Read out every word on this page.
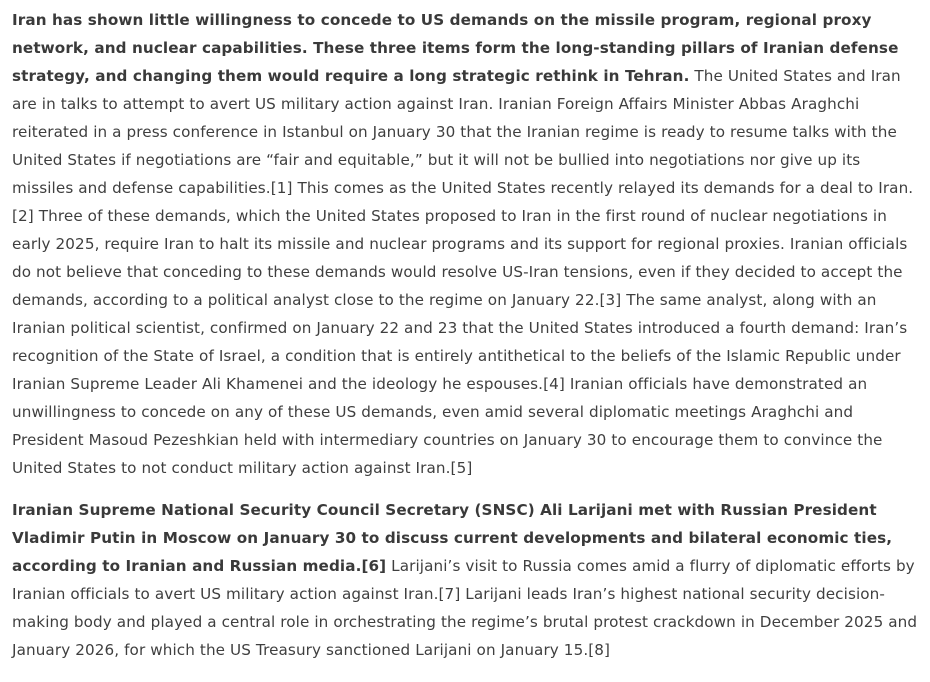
Iran has shown little willingness to concede to US demands on the missile program, regional proxy network, and nuclear capabilities. These three items form the long-standing pillars of Iranian defense strategy, and changing them would require a long strategic rethink in Tehran. The United States and Iran are in talks to attempt to avert US military action against Iran. Iranian Foreign Affairs Minister Abbas Araghchi reiterated in a press conference in Istanbul on January 30 that the Iranian regime is ready to resume talks with the United States if negotiations are “fair and equitable,” but it will not be bullied into negotiations nor give up its missiles and defense capabilities.[1] This comes as the United States recently relayed its demands for a deal to Iran.[2] Three of these demands, which the United States proposed to Iran in the first round of nuclear negotiations in early 2025, require Iran to halt its missile and nuclear programs and its support for regional proxies. Iranian officials do not believe that conceding to these demands would resolve US-Iran tensions, even if they decided to accept the demands, according to a political analyst close to the regime on January 22.[3] The same analyst, along with an Iranian political scientist, confirmed on January 22 and 23 that the United States introduced a fourth demand: Iran’s recognition of the State of Israel, a condition that is entirely antithetical to the beliefs of the Islamic Republic under Iranian Supreme Leader Ali Khamenei and the ideology he espouses.[4] Iranian officials have demonstrated an unwillingness to concede on any of these US demands, even amid several diplomatic meetings Araghchi and President Masoud Pezeshkian held with intermediary countries on January 30 to encourage them to convince the United States to not conduct military action against Iran.[5]

Iranian Supreme National Security Council Secretary (SNSC) Ali Larijani met with Russian President Vladimir Putin in Moscow on January 30 to discuss current developments and bilateral economic ties, according to Iranian and Russian media.[6] Larijani’s visit to Russia comes amid a flurry of diplomatic efforts by Iranian officials to avert US military action against Iran.[7] Larijani leads Iran’s highest national security decision-making body and played a central role in orchestrating the regime’s brutal protest crackdown in December 2025 and January 2026, for which the US Treasury sanctioned Larijani on January 15.[8]
